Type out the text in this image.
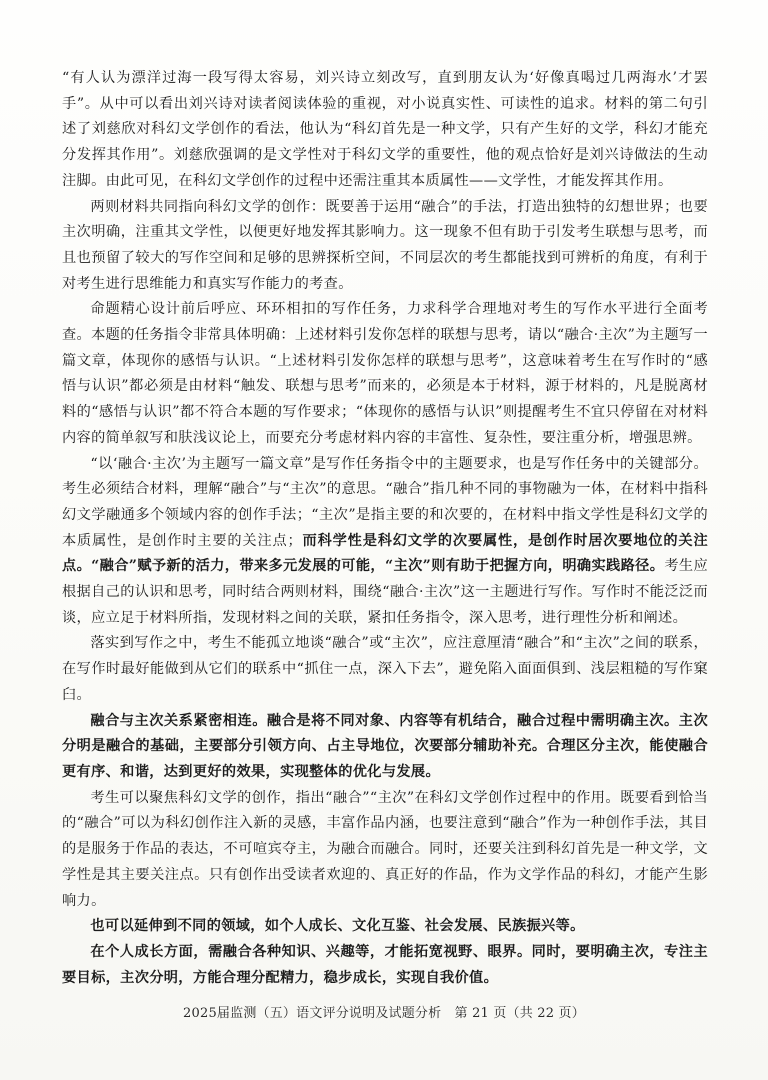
“有人认为漂洋过海一段写得太容易，刘兴诗立刻改写，直到朋友认为‘好像真喝过几两海水’才罢手”。从中可以看出刘兴诗对读者阅读体验的重视，对小说真实性、可读性的追求。材料的第二句引述了刘慈欣对科幻文学创作的看法，他认为“科幻首先是一种文学，只有产生好的文学，科幻才能充分发挥其作用”。刘慈欣强调的是文学性对于科幻文学的重要性，他的观点恰好是刘兴诗做法的生动注脚。由此可见，在科幻文学创作的过程中还需注重其本质属性——文学性，才能发挥其作用。

两则材料共同指向科幻文学的创作：既要善于运用“融合”的手法，打造出独特的幻想世界；也要主次明确，注重其文学性，以便更好地发挥其影响力。这一现象不但有助于引发考生联想与思考，而且也预留了较大的写作空间和足够的思辨探析空间，不同层次的考生都能找到可辨析的角度，有利于对考生进行思维能力和真实写作能力的考查。

命题精心设计前后呼应、环环相扣的写作任务，力求科学合理地对考生的写作水平进行全面考查。本题的任务指令非常具体明确：上述材料引发你怎样的联想与思考，请以“融合·主次”为主题写一篇文章，体现你的感悟与认识。“上述材料引发你怎样的联想与思考”，这意味着考生在写作时的“感悟与认识”都必须是由材料“触发、联想与思考”而来的，必须是本于材料，源于材料的，凡是脱离材料的“感悟与认识”都不符合本题的写作要求；“体现你的感悟与认识”则提醒考生不宜只停留在对材料内容的简单叙写和肤浅议论上，而要充分考虑材料内容的丰富性、复杂性，要注重分析，增强思辨。

“以‘融合·主次’为主题写一篇文章”是写作任务指令中的主题要求，也是写作任务中的关键部分。考生必须结合材料，理解“融合”与“主次”的意思。“融合”指几种不同的事物融为一体，在材料中指科幻文学融通多个领域内容的创作手法；“主次”是指主要的和次要的，在材料中指文学性是科幻文学的本质属性，是创作时主要的关注点；而科学性是科幻文学的次要属性，是创作时居次要地位的关注点。“融合”赋予新的活力，带来多元发展的可能，“主次”则有助于把握方向，明确实践路径。考生应根据自己的认识和思考，同时结合两则材料，围绕“融合·主次”这一主题进行写作。写作时不能泛泛而谈，应立足于材料所指，发现材料之间的关联，紧扣任务指令，深入思考，进行理性分析和阐述。

落实到写作之中，考生不能孤立地谈“融合”或“主次”，应注意厘清“融合”和“主次”之间的联系，在写作时最好能做到从它们的联系中“抓住一点，深入下去”，避免陷入面面俱到、浅层粗糙的写作窠臼。

融合与主次关系紧密相连。融合是将不同对象、内容等有机结合，融合过程中需明确主次。主次分明是融合的基础，主要部分引领方向、占主导地位，次要部分辅助补充。合理区分主次，能使融合更有序、和谐，达到更好的效果，实现整体的优化与发展。

考生可以聚焦科幻文学的创作，指出“融合”“主次”在科幻文学创作过程中的作用。既要看到恰当的“融合”可以为科幻创作注入新的灵感，丰富作品内涵，也要注意到“融合”作为一种创作手法，其目的是服务于作品的表达，不可喧宾夺主，为融合而融合。同时，还要关注到科幻首先是一种文学，文学性是其主要关注点。只有创作出受读者欢迎的、真正好的作品，作为文学作品的科幻，才能产生影响力。

也可以延伸到不同的领域，如个人成长、文化互鉴、社会发展、民族振兴等。

在个人成长方面，需融合各种知识、兴趣等，才能拓宽视野、眼界。同时，要明确主次，专注主要目标，主次分明，方能合理分配精力，稳步成长，实现自我价值。

2025届监测（五）语文评分说明及试题分析　第 21 页（共 22 页）
